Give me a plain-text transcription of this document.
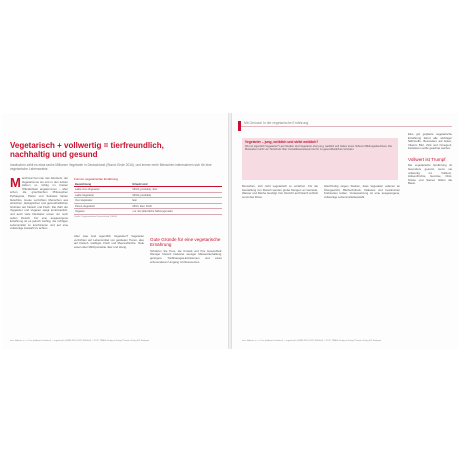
Vegetarisch + vollwertig = tierfreundlich, nachhaltig und gesund
Inzwischen zählt es etwa sechs Millionen Vegetarier in Deutschland (Stand: Ende 2016), und immer mehr Menschen interessieren sich für eine vegetarische Lebensweise.
M anchmal hat man den Eindruck, der Vegetarismus sei erst in den letzten Jahren so richtig im breiten Öffentlichkeit angekommen – aber schon die griechischen Philosophen Pythagoras, Platon und Sokrates lebten fleischlos. Heute verzichten Menschen aus ethischen, ökologischen und gesundheitlichen Gründen auf Fleisch und Fisch. Die Zahl der Vegetarier und Veganer steigt kontinuierlich, und auch viele Flexitarier essen nur noch selten Fleisch. Für eine ausgewogene Ernährung ist es jedoch wichtig, die richtigen Lebensmittel zu kombinieren und auf eine vollwertige Auswahl zu achten.
Formen vegetarischer Ernährung
Bezeichnung	Erlaubt sind
Lakto-Ovo-Vegetarier	Milch(-produkte), Eier
Lakto-Vegetarier	Milch(-produkte)
Ovo-Vegetarier	Eier
Pesco-Vegetarier	Milch, Eier, Fisch
Veganer	nur rein pflanzliche Nahrungsmittel
Quelle: Vegetarierbund Deutschland (VEBU)
Aber was sind eigentlich Vegetarier? Vegetarier verzichten auf Lebensmittel von getöteten Tieren, also auf Fleisch, Geflügel, Fisch und Meeresfrüchte. Viele essen aber Milchprodukte, Eier und Honig.
Gute Gründe für eine vegetarische Ernährung
Schützen Sie Tiere, die Umwelt und Ihre Gesundheit: Weniger Fleisch bedeutet weniger Massentierhaltung, geringere Treibhausgas-Emissionen und einen schonenderen Umgang mit Ressourcen.
aus: Hübner, u. a., Das goldene Kochbuch – vegetarisch (ISBN 978-3-432-10400-6) © 2017 TRIAS Verlag in Georg Thieme Verlag KG Stuttgart
Mit Genuss! In die vegetarische Ernährung
Vegetarier – jung, weiblich und strikt weiblich?
Wer ist eigentlich Vegetarier? Laut Studien sind Vegetarier eher jung, weiblich und haben einen höheren Bildungsabschluss. Die Motivation reicht von Tierschutz über Umweltbewusstsein bis hin zu gesundheitlichen Gründen.
Menschen, sich nicht vegetarisch zu ernähren. Für die Herstellung von Fleisch werden große Mengen an Getreide, Wasser und Fläche benötigt. Der Verzicht auf Fleisch schützt somit das Klima.
Gleichzeitig zeigen Studien, dass Vegetarier seltener an Übergewicht, Bluthochdruck, Diabetes und bestimmten Krebsarten leiden. Voraussetzung ist eine ausgewogene, vollwertige Lebensmittelauswahl.
Eine gut geplante vegetarische Ernährung liefert alle wichtigen Nährstoffe. Besonders auf Eisen, Vitamin B12, Zink und Omega-3-Fettsäuren sollte geachtet werden.
Vollwert ist Trumpf
Die vegetarische Ernährung ist besonders gesund, wenn sie vollwertig ist: Vollkorn, Hülsenfrüchte, Gemüse, Obst, Nüsse und Samen bilden die Basis.
aus: Hübner, u. a., Das goldene Kochbuch – vegetarisch (ISBN 978-3-432-10400-6) © 2017 TRIAS Verlag in Georg Thieme Verlag KG Stuttgart
